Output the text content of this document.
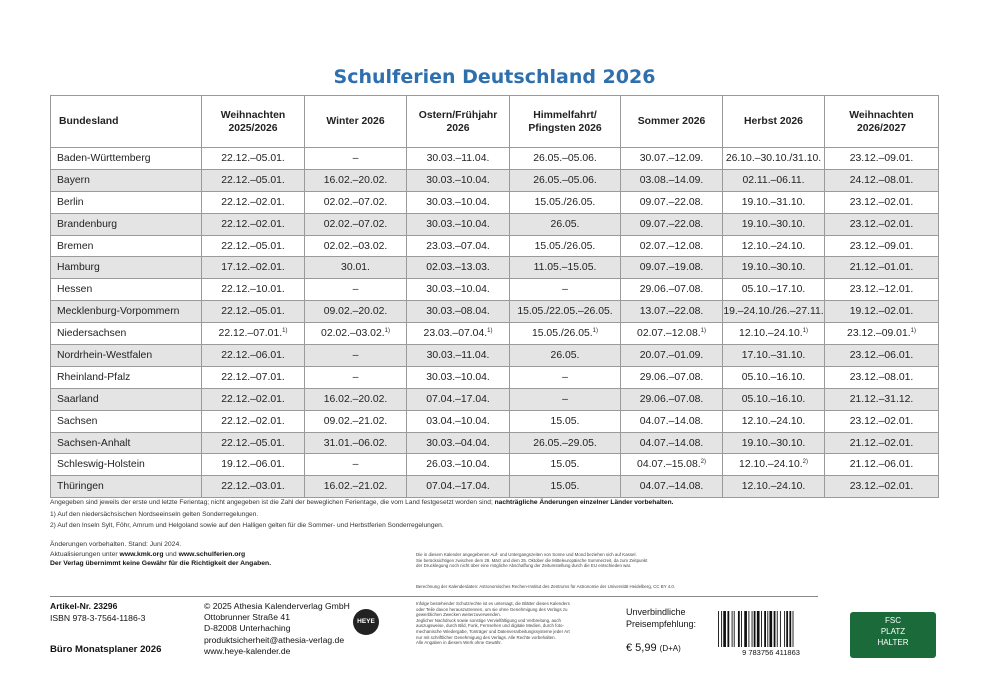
Schulferien Deutschland 2026
Bundesland	Weihnachten 2025/2026	Winter 2026	Ostern/Frühjahr 2026	Himmelfahrt/ Pfingsten 2026	Sommer 2026	Herbst 2026	Weihnachten 2026/2027
Baden-Württemberg	22.12.–05.01.	–	30.03.–11.04.	26.05.–05.06.	30.07.–12.09.	26.10.–30.10./31.10.	23.12.–09.01.
Bayern	22.12.–05.01.	16.02.–20.02.	30.03.–10.04.	26.05.–05.06.	03.08.–14.09.	02.11.–06.11.	24.12.–08.01.
Berlin	22.12.–02.01.	02.02.–07.02.	30.03.–10.04.	15.05./26.05.	09.07.–22.08.	19.10.–31.10.	23.12.–02.01.
Brandenburg	22.12.–02.01.	02.02.–07.02.	30.03.–10.04.	26.05.	09.07.–22.08.	19.10.–30.10.	23.12.–02.01.
Bremen	22.12.–05.01.	02.02.–03.02.	23.03.–07.04.	15.05./26.05.	02.07.–12.08.	12.10.–24.10.	23.12.–09.01.
Hamburg	17.12.–02.01.	30.01.	02.03.–13.03.	11.05.–15.05.	09.07.–19.08.	19.10.–30.10.	21.12.–01.01.
Hessen	22.12.–10.01.	–	30.03.–10.04.	–	29.06.–07.08.	05.10.–17.10.	23.12.–12.01.
Mecklenburg-Vorpommern	22.12.–05.01.	09.02.–20.02.	30.03.–08.04.	15.05./22.05.–26.05.	13.07.–22.08.	19.–24.10./26.–27.11.	19.12.–02.01.
Niedersachsen	22.12.–07.01.$^{1)}$	02.02.–03.02.$^{1)}$	23.03.–07.04.$^{1)}$	15.05./26.05.$^{1)}$	02.07.–12.08.$^{1)}$	12.10.–24.10.$^{1)}$	23.12.–09.01.$^{1)}$
Nordrhein-Westfalen	22.12.–06.01.	–	30.03.–11.04.	26.05.	20.07.–01.09.	17.10.–31.10.	23.12.–06.01.
Rheinland-Pfalz	22.12.–07.01.	–	30.03.–10.04.	–	29.06.–07.08.	05.10.–16.10.	23.12.–08.01.
Saarland	22.12.–02.01.	16.02.–20.02.	07.04.–17.04.	–	29.06.–07.08.	05.10.–16.10.	21.12.–31.12.
Sachsen	22.12.–02.01.	09.02.–21.02.	03.04.–10.04.	15.05.	04.07.–14.08.	12.10.–24.10.	23.12.–02.01.
Sachsen-Anhalt	22.12.–05.01.	31.01.–06.02.	30.03.–04.04.	26.05.–29.05.	04.07.–14.08.	19.10.–30.10.	21.12.–02.01.
Schleswig-Holstein	19.12.–06.01.	–	26.03.–10.04.	15.05.	04.07.–15.08.$^{2)}$	12.10.–24.10.$^{2)}$	21.12.–06.01.
Thüringen	22.12.–03.01.	16.02.–21.02.	07.04.–17.04.	15.05.	04.07.–14.08.	12.10.–24.10.	23.12.–02.01.
Angegeben sind jeweils der erste und letzte Ferientag; nicht angegeben ist die Zahl der beweglichen Ferientage, die vom Land festgesetzt worden sind; nachträgliche Änderungen einzelner Länder vorbehalten.
1) Auf den niedersächsischen Nordseeinseln gelten Sonderregelungen.
2) Auf den Inseln Sylt, Föhr, Amrum und Helgoland sowie auf den Halligen gelten für die Sommer- und Herbstferien Sonderregelungen.
Änderungen vorbehalten. Stand: Juni 2024.
Aktualisierungen unter www.kmk.org und www.schulferien.org
Der Verlag übernimmt keine Gewähr für die Richtigkeit der Angaben.
Die in diesem Kalender angegebenen Auf- und Untergangszeiten von Sonne und Mond beziehen sich auf Kassel.
Sie berücksichtigen zwischen dem 29. März und dem 25. Oktober die Mitteleuropäische Sommerzeit, da zum Zeitpunkt
der Drucklegung noch nicht über eine mögliche Abschaffung der Zeitumstellung durch die EU entschieden war.
Berechnung der Kalenderdaten: Astronomisches Rechen-Institut des Zentrums für Astronomie der Universität Heidelberg, CC BY 4.0.
Artikel-Nr. 23296
ISBN 978-3-7564-1186-3
Büro Monatsplaner 2026
© 2025 Athesia Kalenderverlag GmbH
Ottobrunner Straße 41
D-82008 Unterhaching
produktsicherheit@athesia-verlag.de
www.heye-kalender.de
HEYE
Infolge bestehender Schutzrechte ist es untersagt, die Blätter dieses Kalenders
oder Teile davon herauszutrennen, um sie ohne Genehmigung des Verlags zu
gewerblichen Zwecken weiterzuverwenden.
Jeglicher Nachdruck sowie sonstige Vervielfältigung und Verbreitung, auch
auszugsweise, durch Bild, Funk, Fernsehen und digitale Medien, durch foto-
mechanische Wiedergabe, Tonträger und Datenverarbeitungssysteme jeder Art
nur mit schriftlicher Genehmigung des Verlags. Alle Rechte vorbehalten.
Alle Angaben in diesem Werk ohne Gewähr.
Unverbindliche
Preisempfehlung:
€ 5,99 (D+A)	9 783756 411863
FSC
PLATZ
HALTER
